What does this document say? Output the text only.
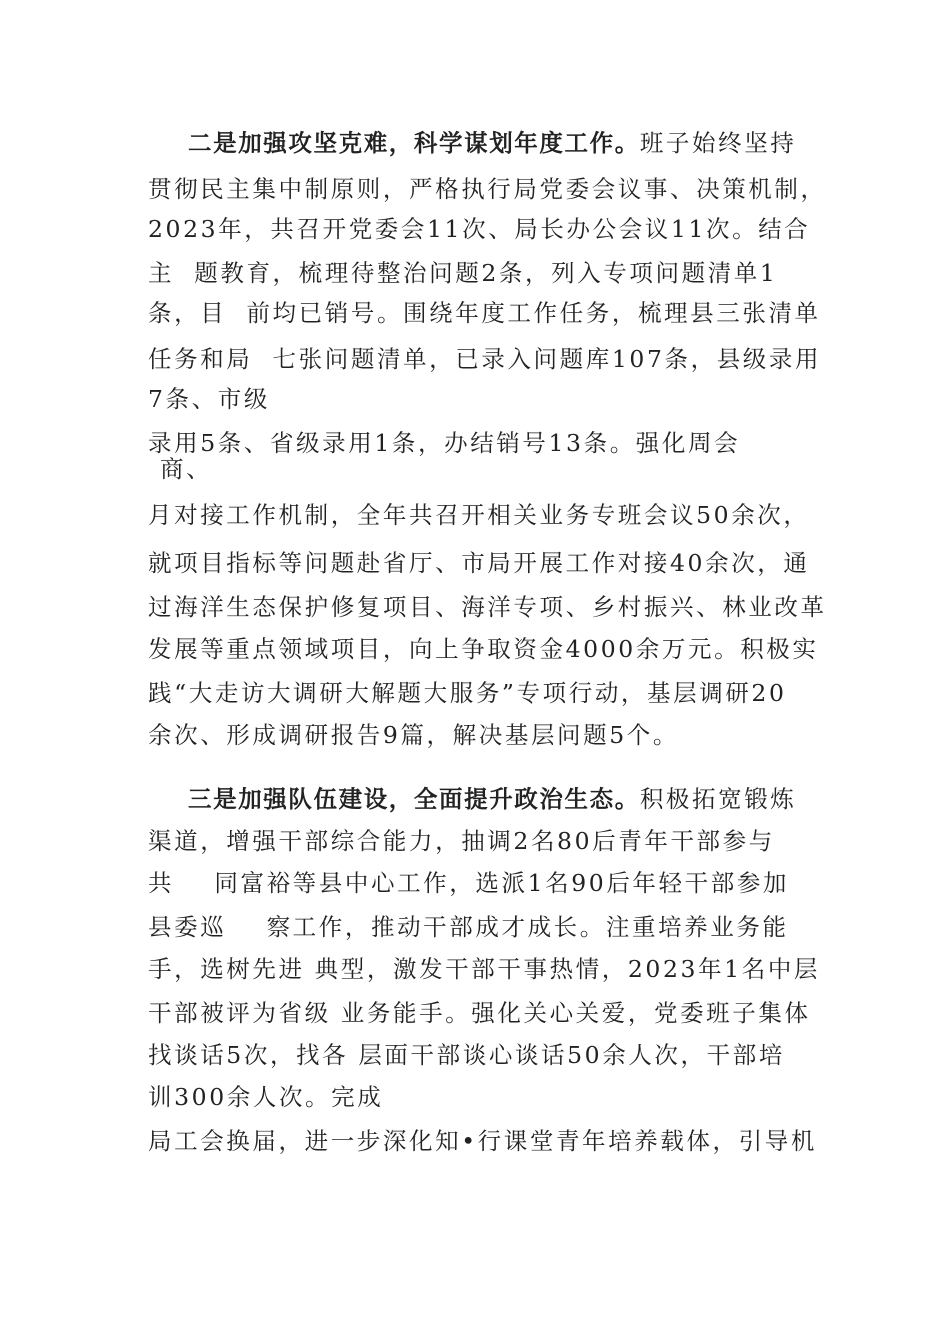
二是加强攻坚克难，科学谋划年度工作。班子始终坚持
贯彻民主集中制原则，严格执行局党委会议事、决策机制，
2023年，共召开党委会11次、局长办公会议11次。结合
主  题教育，梳理待整治问题2条，列入专项问题清单1
条，目  前均已销号。围绕年度工作任务，梳理县三张清单
任务和局  七张问题清单，已录入问题库107条，县级录用
7条、市级
录用5条、省级录用1条，办结销号13条。强化周会
商、
月对接工作机制，全年共召开相关业务专班会议50余次，
就项目指标等问题赴省厅、市局开展工作对接40余次，通
过海洋生态保护修复项目、海洋专项、乡村振兴、林业改革
发展等重点领域项目，向上争取资金4000余万元。积极实
践“大走访大调研大解题大服务”专项行动，基层调研20
余次、形成调研报告9篇，解决基层问题5个。
三是加强队伍建设，全面提升政治生态。积极拓宽锻炼
渠道，增强干部综合能力，抽调2名80后青年干部参与
共    同富裕等县中心工作，选派1名90后年轻干部参加
县委巡    察工作，推动干部成才成长。注重培养业务能
手，选树先进 典型，激发干部干事热情，2023年1名中层
干部被评为省级 业务能手。强化关心关爱，党委班子集体
找谈话5次，找各 层面干部谈心谈话50余人次，干部培
训300余人次。完成
局工会换届，进一步深化知•行课堂青年培养载体，引导机
